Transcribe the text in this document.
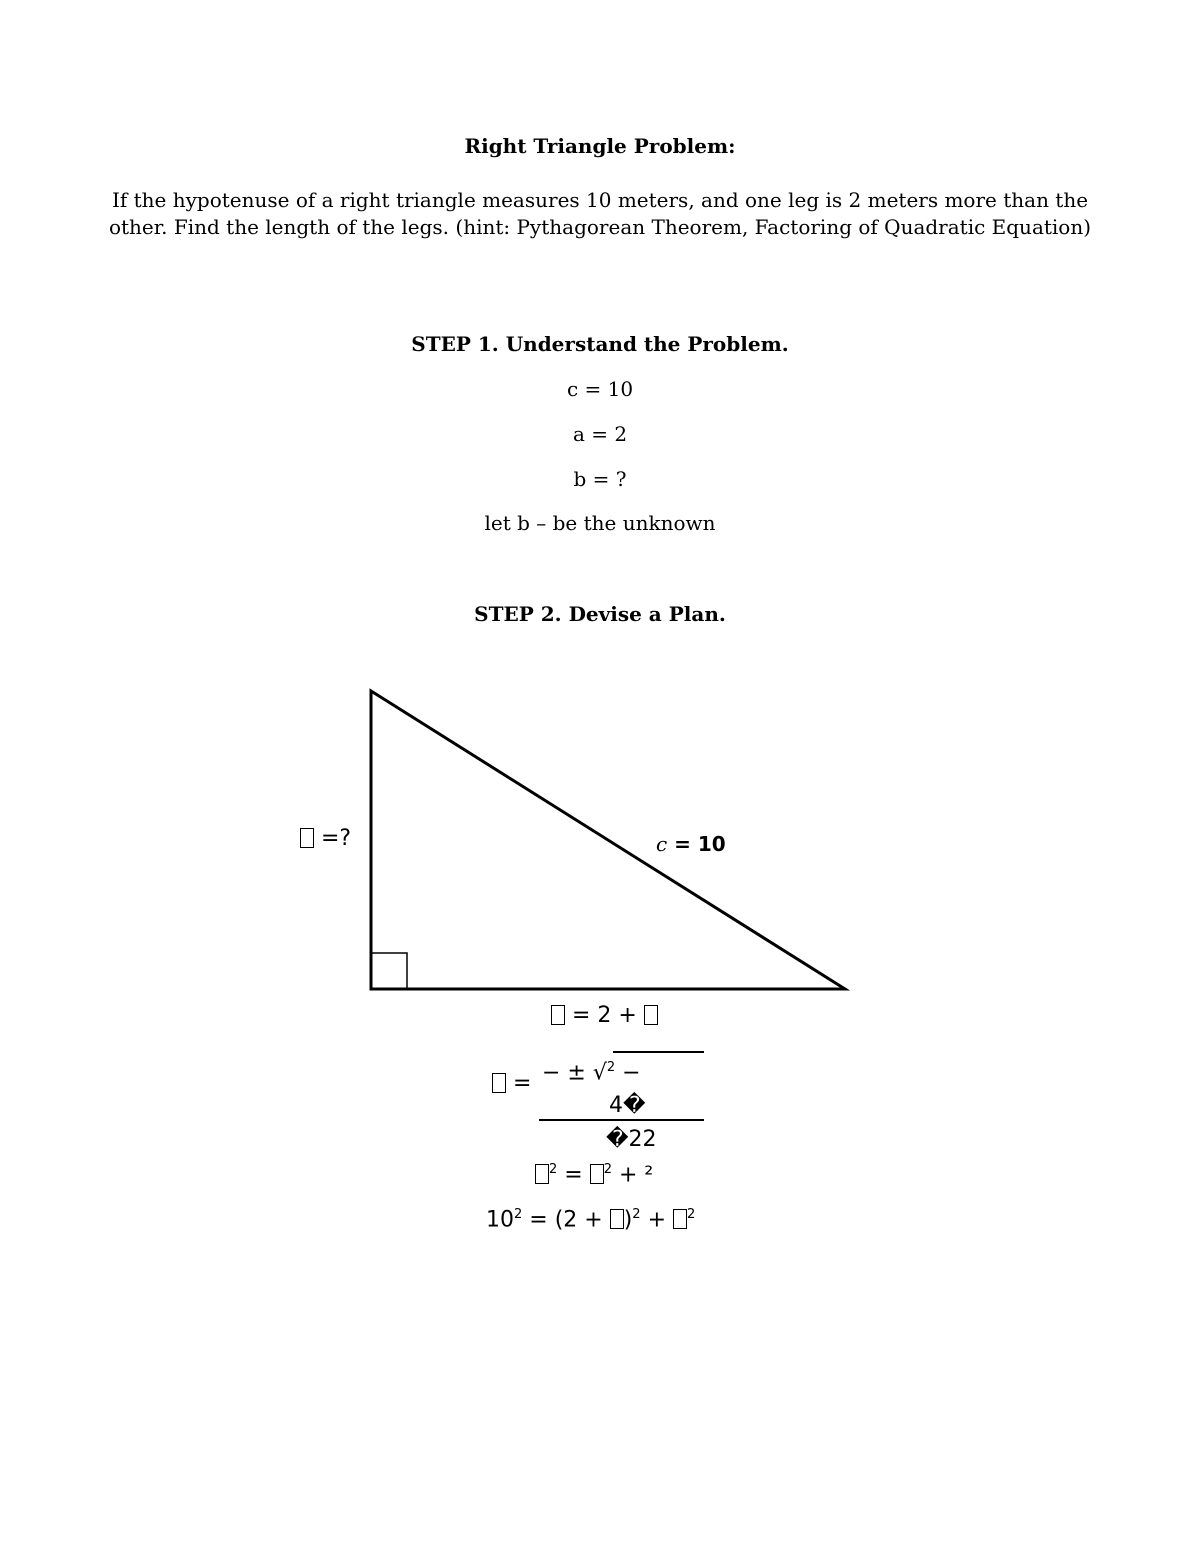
Right Triangle Problem:
If the hypotenuse of a right triangle measures 10 meters, and one leg is 2 meters more than the
other. Find the length of the legs. (hint: Pythagorean Theorem, Factoring of Quadratic Equation)
STEP 1. Understand the Problem.
c = 10
a = 2
b = ?
let b – be the unknown
STEP 2. Devise a Plan.
=?	c = 10
= 2 +
= − ± √$^2$ −
4�
�22
$^2$ = $^2$ + ²
$10^2 = (2 + )^2 + ^2$
